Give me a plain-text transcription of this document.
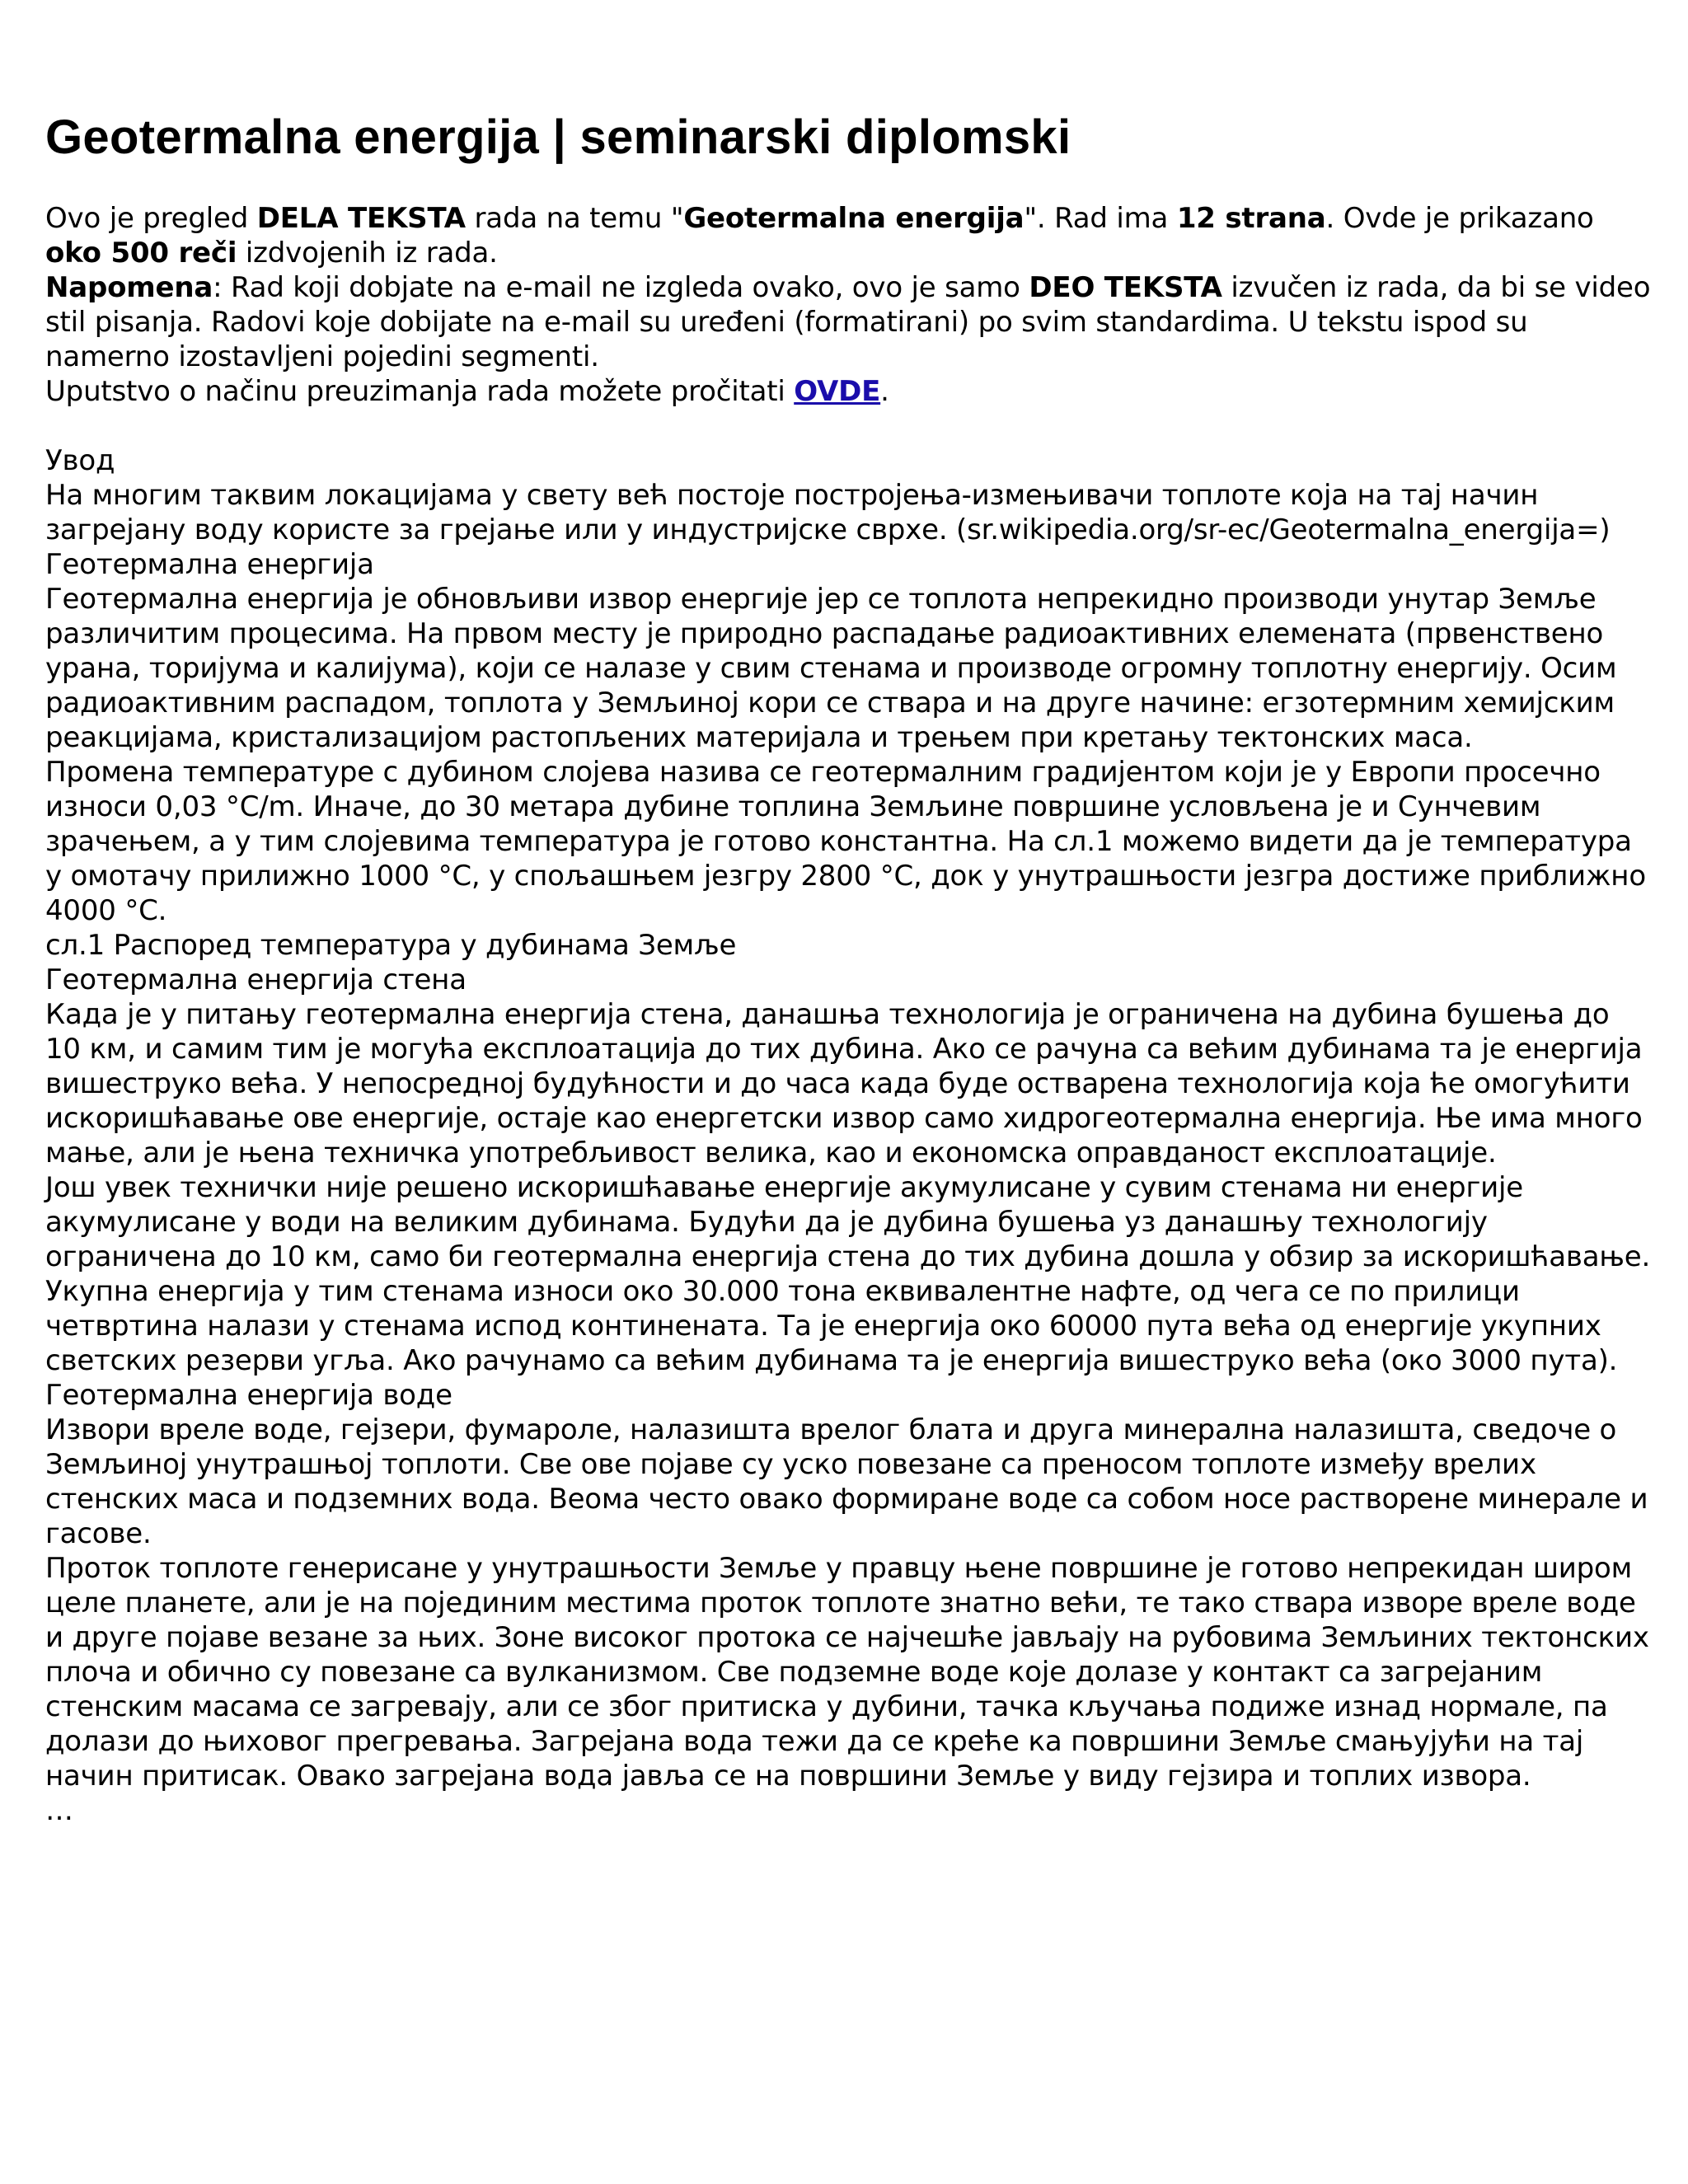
Geotermalna energija | seminarski diplomski

Ovo je pregled DELA TEKSTA rada na temu "Geotermalna energija". Rad ima 12 strana. Ovde je prikazano oko 500 reči izdvojenih iz rada.

Napomena: Rad koji dobjate na e-mail ne izgleda ovako, ovo je samo DEO TEKSTA izvučen iz rada, da bi se video stil pisanja. Radovi koje dobijate na e-mail su uređeni (formatirani) po svim standardima. U tekstu ispod su namerno izostavljeni pojedini segmenti.

Uputstvo o načinu preuzimanja rada možete pročitati OVDE.

Увод

На многим таквим локацијама у свету већ постоје постројења-измењивачи топлоте која на тај начин загрејану воду користе за грејање или у индустријске сврхе. (sr.wikipedia.org/sr-ec/Geotermalna_energija=)

Геотермална енергија

Геотермална енергија је обновљиви извор енергије јер се топлота непрекидно производи унутар Земље различитим процесима. На првом месту је природно распадање радиоактивних елемената (првенствено урана, торијума и калијума), који се налазе у свим стенама и производе огромну топлотну енергију. Осим радиоактивним распадом, топлота у Земљиној кори се ствара и на друге начине: егзотермним хемијским реакцијама, кристализацијом растопљених материјала и трењем при кретању тектонских маса.

Промена температуре с дубином слојева назива се геотермалним градијентом који је у Европи просечно износи 0,03 °C/m. Иначе, до 30 метара дубине топлина Земљине површине условљена је и Сунчевим зрачењем, а у тим слојевима температура је готово константна. На сл.1 можемо видети да је температура у омотачу прилижно 1000 °C, у спољашњем језгру 2800 °C, док у унутрашњости језгра достиже приближно 4000 °C.

сл.1 Распоред температура у дубинама Земље

Геотермална енергија стена

Када је у питању геотермална енергија стена, данашња технологија је ограничена на дубина бушења до 10 км, и самим тим је могућа експлоатација до тих дубина. Ако се рачуна са већим дубинама та је енергија вишеструко већа. У непосредној будућности и до часа када буде остварена технологија која ће омогућити искоришћавање ове енергије, остаје као енергетски извор само хидрогеотермална енергија. Ње има много мање, али је њена техничка употребљивост велика, као и економска оправданост експлоатације.

Још увек технички није решено искоришћавање енергије акумулисане у сувим стенама ни енергије акумулисане у води на великим дубинама. Будући да је дубина бушења уз данашњу технологију ограничена до 10 км, само би геотермална енергија стена до тих дубина дошла у обзир за искоришћавање. Укупна енергија у тим стенама износи око 30.000 тона еквивалентне нафте, од чега се по прилици четвртина налази у стенама испод континената. Та је енергија око 60000 пута већа од енергије укупних светских резерви угља. Ако рачунамо са већим дубинама та је енергија вишеструко већа (око 3000 пута).

Геотермална енергија воде

Извори вреле воде, гејзери, фумароле, налазишта врелог блата и друга минерална налазишта, сведоче о Земљиној унутрашњој топлоти. Све ове појаве су уско повезане са преносом топлоте између врелих стенских маса и подземних вода. Веома често овако формиране воде са собом носе растворене минерале и гасове.

Проток топлоте генерисане у унутрашњости Земље у правцу њене површине је готово непрекидан широм целе планете, али је на појединим местима проток топлоте знатно већи, те тако ствара изворе вреле воде и друге појаве везане за њих. Зоне високог протока се најчешће јављају на рубовима Земљиних тектонских плоча и обично су повезане са вулканизмом. Све подземне воде које долазе у контакт са загрејаним стенским масама се загревају, али се због притиска у дубини, тачка кључања подиже изнад нормале, па долази до њиховог прегревања. Загрејана вода тежи да се креће ка површини Земље смањујући на тај начин притисак. Овако загрејана вода јавља се на површини Земље у виду гејзира и топлих извора.

…
